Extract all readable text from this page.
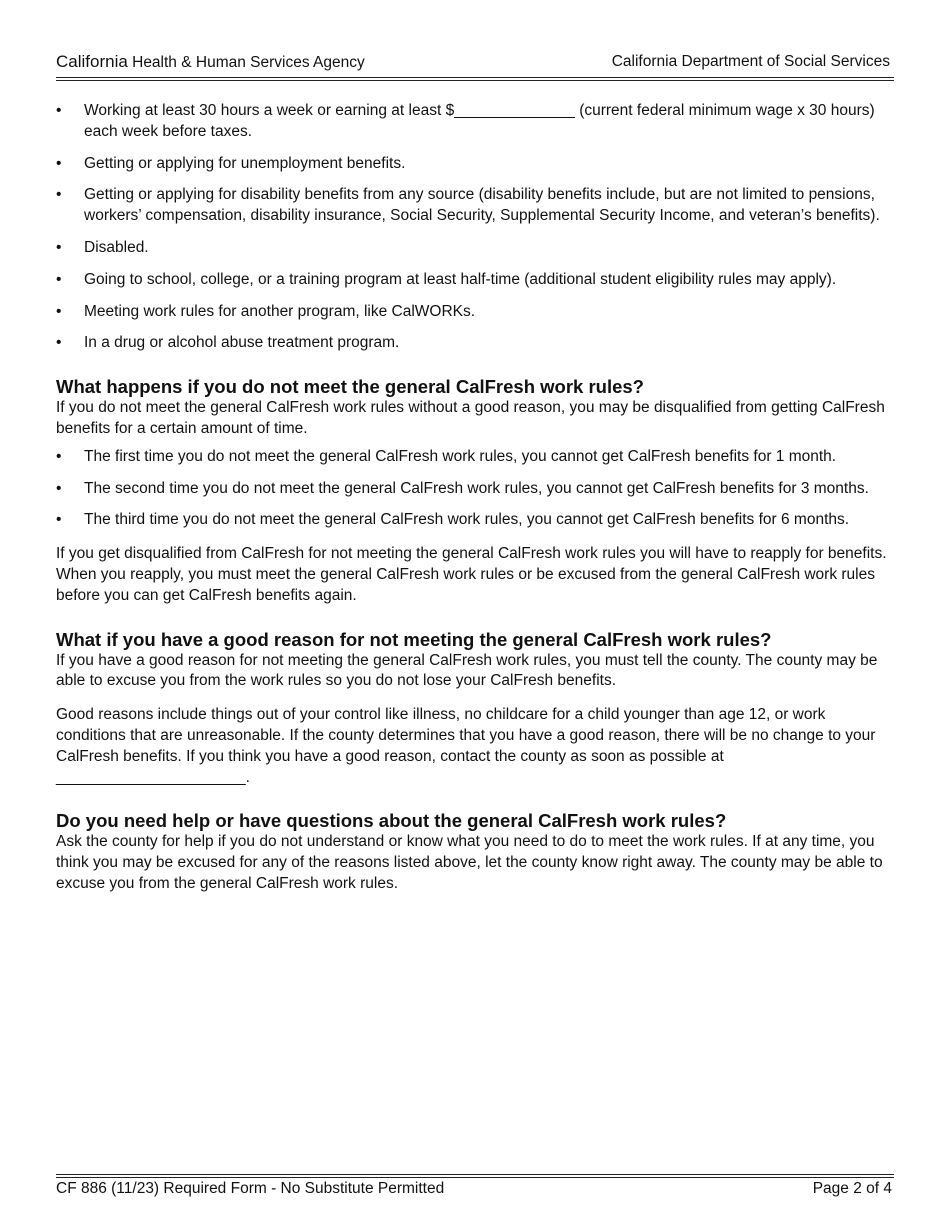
California Health & Human Services Agency	California Department of Social Services
• Working at least 30 hours a week or earning at least $______________ (current federal minimum wage x 30 hours) each week before taxes.
• Getting or applying for unemployment benefits.
• Getting or applying for disability benefits from any source (disability benefits include, but are not limited to pensions, workers’ compensation, disability insurance, Social Security, Supplemental Security Income, and veteran’s benefits).
• Disabled.
• Going to school, college, or a training program at least half-time (additional student eligibility rules may apply).
• Meeting work rules for another program, like CalWORKs.
• In a drug or alcohol abuse treatment program.
What happens if you do not meet the general CalFresh work rules?

If you do not meet the general CalFresh work rules without a good reason, you may be disqualified from getting CalFresh benefits for a certain amount of time.

• The first time you do not meet the general CalFresh work rules, you cannot get CalFresh benefits for 1 month.
• The second time you do not meet the general CalFresh work rules, you cannot get CalFresh benefits for 3 months.
• The third time you do not meet the general CalFresh work rules, you cannot get CalFresh benefits for 6 months.

If you get disqualified from CalFresh for not meeting the general CalFresh work rules you will have to reapply for benefits. When you reapply, you must meet the general CalFresh work rules or be excused from the general CalFresh work rules before you can get CalFresh benefits again.

What if you have a good reason for not meeting the general CalFresh work rules?

If you have a good reason for not meeting the general CalFresh work rules, you must tell the county. The county may be able to excuse you from the work rules so you do not lose your CalFresh benefits.

Good reasons include things out of your control like illness, no childcare for a child younger than age 12, or work conditions that are unreasonable. If the county determines that you have a good reason, there will be no change to your CalFresh benefits. If you think you have a good reason, contact the county as soon as possible at ______________________.

Do you need help or have questions about the general CalFresh work rules?

Ask the county for help if you do not understand or know what you need to do to meet the work rules. If at any time, you think you may be excused for any of the reasons listed above, let the county know right away. The county may be able to excuse you from the general CalFresh work rules.

CF 886 (11/23) Required Form - No Substitute Permitted	Page 2 of 4
